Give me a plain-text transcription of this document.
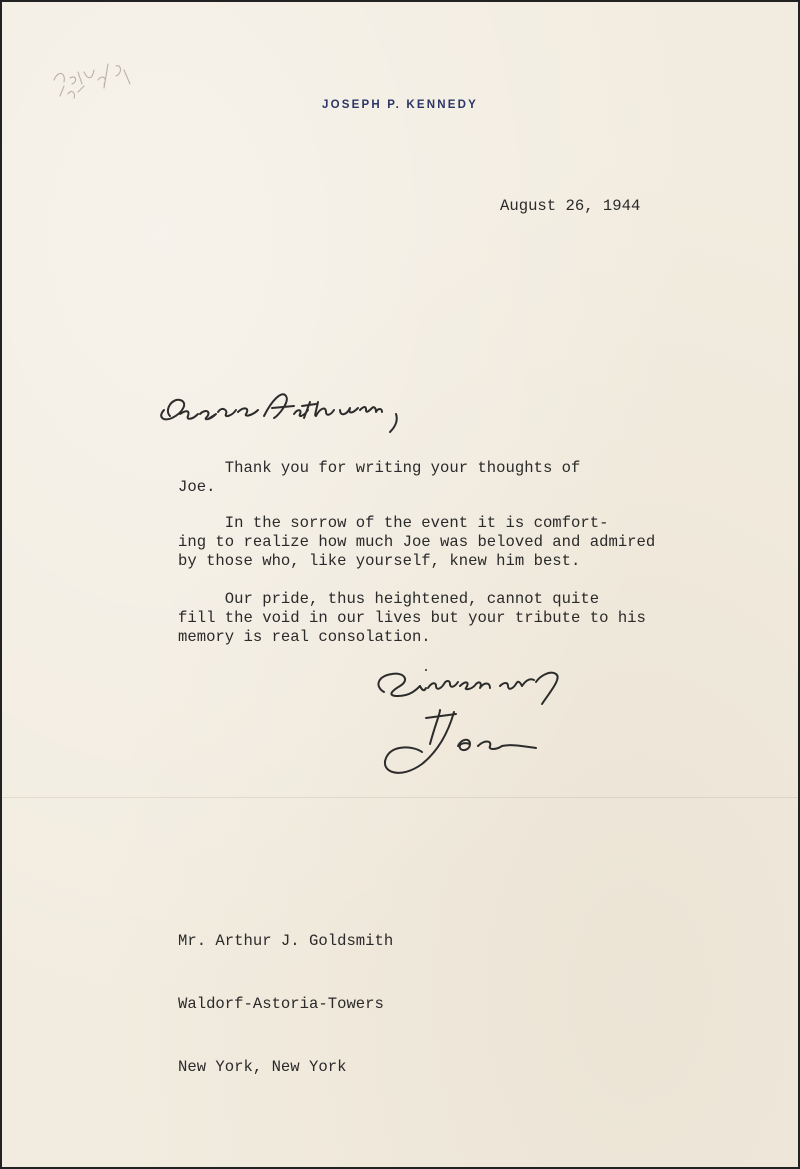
JOSEPH P. KENNEDY
August 26, 1944
Thank you for writing your thoughts of
Joe.
In the sorrow of the event it is comfort-
ing to realize how much Joe was beloved and admired
by those who, like yourself, knew him best.
Our pride, thus heightened, cannot quite
fill the void in our lives but your tribute to his
memory is real consolation.

Mr. Arthur J. Goldsmith

Waldorf-Astoria-Towers

New York, New York
